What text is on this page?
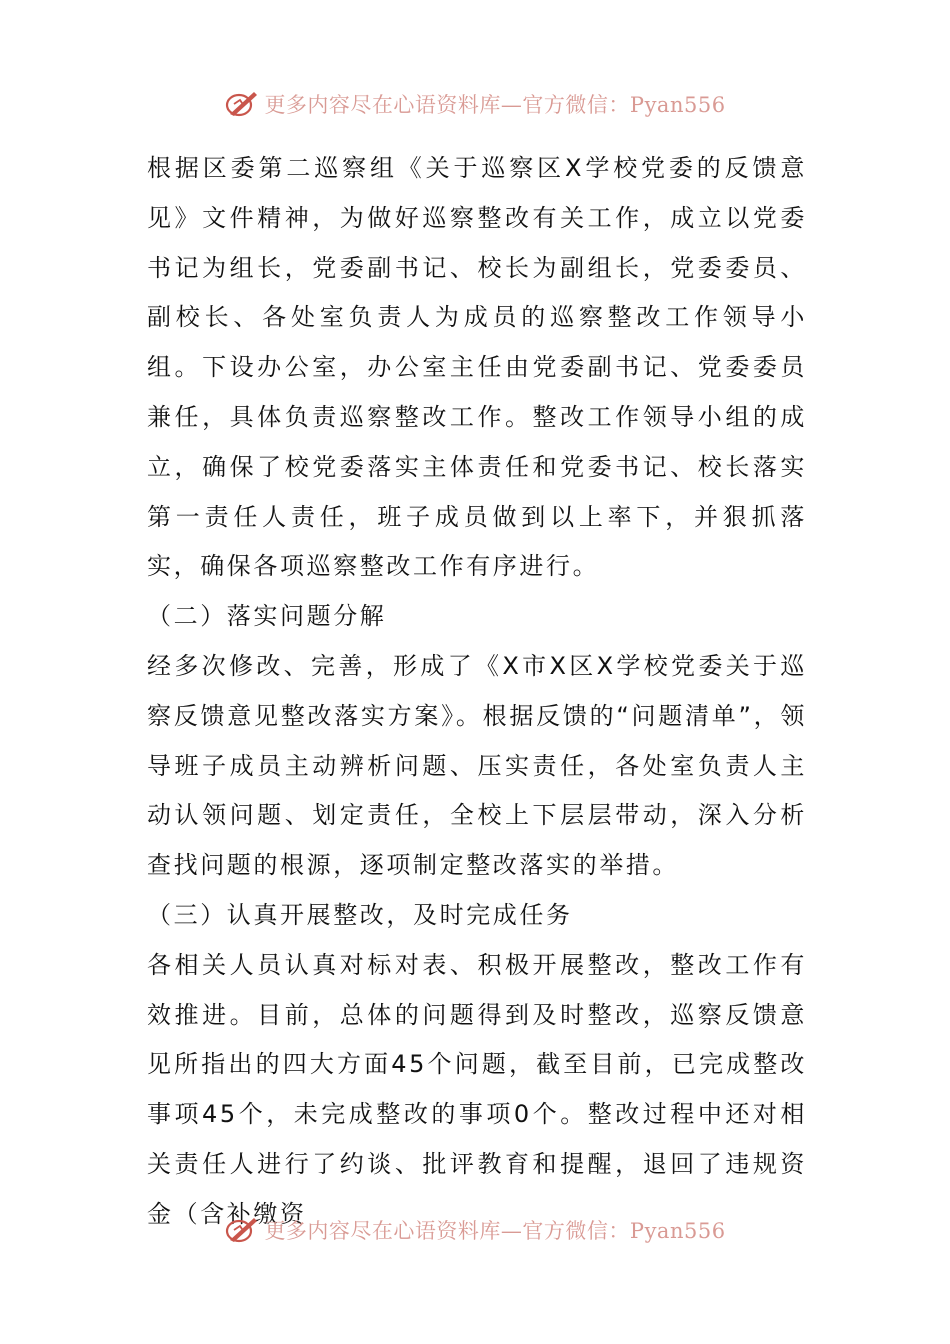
更多内容尽在心语资料库—官方微信：Pyan556

根据区委第二巡察组《关于巡察区X学校党委的反馈意见》文件精神，为做好巡察整改有关工作，成立以党委书记为组长，党委副书记、校长为副组长，党委委员、副校长、各处室负责人为成员的巡察整改工作领导小组。下设办公室，办公室主任由党委副书记、党委委员兼任，具体负责巡察整改工作。整改工作领导小组的成立，确保了校党委落实主体责任和党委书记、校长落实第一责任人责任，班子成员做到以上率下，并狠抓落实，确保各项巡察整改工作有序进行。

（二）落实问题分解

经多次修改、完善，形成了《X市X区X学校党委关于巡察反馈意见整改落实方案》。根据反馈的“问题清单”，领导班子成员主动辨析问题、压实责任，各处室负责人主动认领问题、划定责任，全校上下层层带动，深入分析查找问题的根源，逐项制定整改落实的举措。

（三）认真开展整改，及时完成任务

各相关人员认真对标对表、积极开展整改，整改工作有效推进。目前，总体的问题得到及时整改，巡察反馈意见所指出的四大方面45个问题，截至目前，已完成整改事项45个，未完成整改的事项0个。整改过程中还对相关责任人进行了约谈、批评教育和提醒，退回了违规资金（含补缴资

更多内容尽在心语资料库—官方微信：Pyan556
